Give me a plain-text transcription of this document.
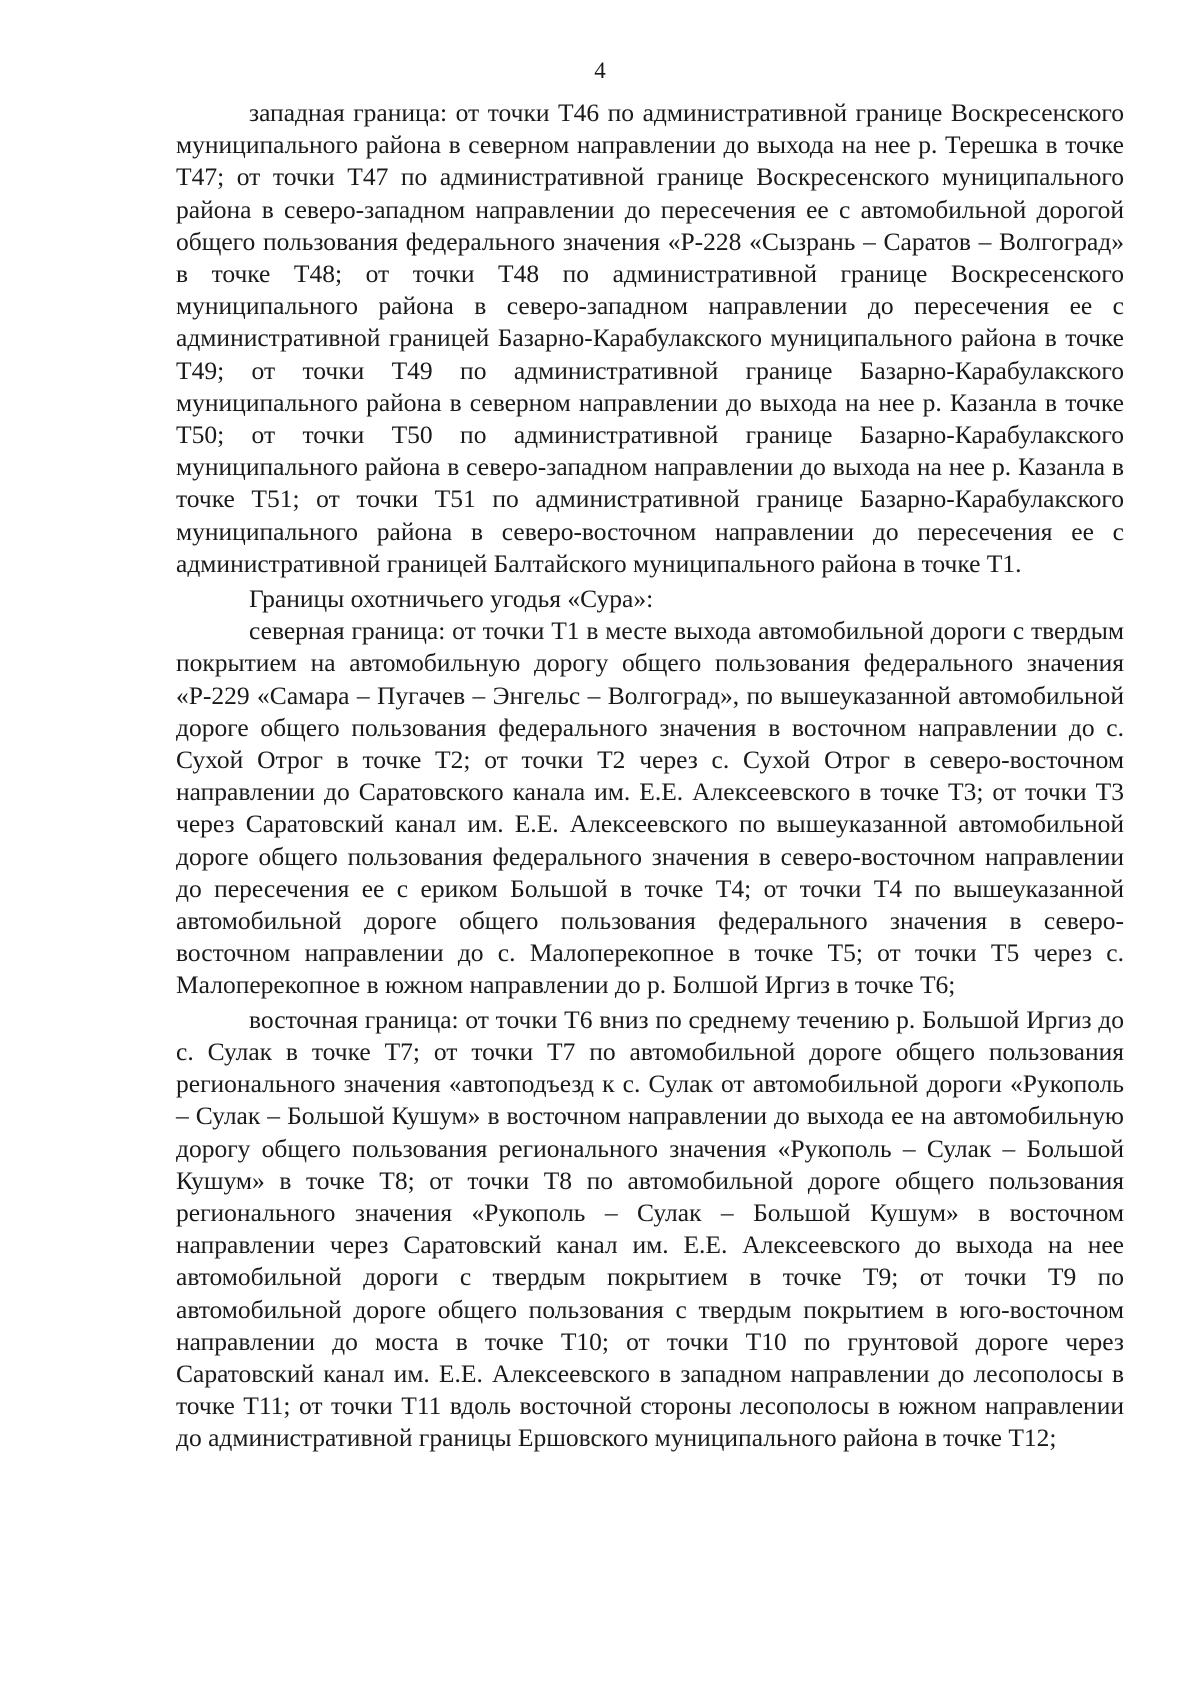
4

западная граница: от точки Т46 по административной границе Воскресенского муниципального района в северном направлении до выхода на нее р. Терешка в точке Т47; от точки Т47 по административной границе Воскресенского муниципального района в северо-западном направлении до пересечения ее с автомобильной дорогой общего пользования федерального значения «Р-228 «Сызрань – Саратов – Волгоград» в точке Т48; от точки Т48 по административной границе Воскресенского муниципального района в северо-западном направлении до пересечения ее с административной границей Базарно-Карабулакского муниципального района в точке Т49; от точки Т49 по административной границе Базарно-Карабулакского муниципального района в северном направлении до выхода на нее р. Казанла в точке Т50; от точки Т50 по административной границе Базарно-Карабулакского муниципального района в северо-западном направлении до выхода на нее р. Казанла в точке Т51; от точки Т51 по административной границе Базарно-Карабулакского муниципального района в северо-восточном направлении до пересечения ее с административной границей Балтайского муниципального района в точке Т1.

Границы охотничьего угодья «Сура»:

северная граница: от точки Т1 в месте выхода автомобильной дороги с твердым покрытием на автомобильную дорогу общего пользования федерального значения «Р-229 «Самара – Пугачев – Энгельс – Волгоград», по вышеуказанной автомобильной дороге общего пользования федерального значения в восточном направлении до с. Сухой Отрог в точке Т2; от точки Т2 через с. Сухой Отрог в северо-восточном направлении до Саратовского канала им. Е.Е. Алексеевского в точке Т3; от точки Т3 через Саратовский канал им. Е.Е. Алексеевского по вышеуказанной автомобильной дороге общего пользования федерального значения в северо-восточном направлении до пересечения ее с ериком Большой в точке Т4; от точки Т4 по вышеуказанной автомобильной дороге общего пользования федерального значения в северо-восточном направлении до с. Малоперекопное в точке Т5; от точки Т5 через с. Малоперекопное в южном направлении до р. Болшой Иргиз в точке Т6;

восточная граница: от точки Т6 вниз по среднему течению р. Большой Иргиз до с. Сулак в точке Т7; от точки Т7 по автомобильной дороге общего пользования регионального значения «автоподъезд к с. Сулак от автомобильной дороги «Рукополь – Сулак – Большой Кушум» в восточном направлении до выхода ее на автомобильную дорогу общего пользования регионального значения «Рукополь – Сулак – Большой Кушум» в точке Т8; от точки Т8 по автомобильной дороге общего пользования регионального значения «Рукополь – Сулак – Большой Кушум» в восточном направлении через Саратовский канал им. Е.Е. Алексеевского до выхода на нее автомобильной дороги с твердым покрытием в точке Т9; от точки Т9 по автомобильной дороге общего пользования с твердым покрытием в юго-восточном направлении до моста в точке Т10; от точки Т10 по грунтовой дороге через Саратовский канал им. Е.Е. Алексеевского в западном направлении до лесополосы в точке Т11; от точки Т11 вдоль восточной стороны лесополосы в южном направлении до административной границы Ершовского муниципального района в точке Т12;
